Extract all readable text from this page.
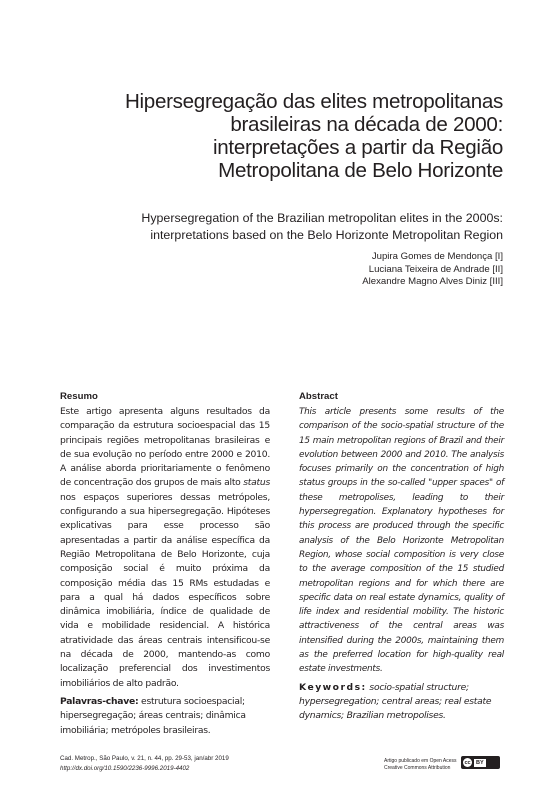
Hipersegregação das elites metropolitanas
brasileiras na década de 2000:
interpretações a partir da Região
Metropolitana de Belo Horizonte
Hypersegregation of the Brazilian metropolitan elites in the 2000s:
interpretations based on the Belo Horizonte Metropolitan Region
Jupira Gomes de Mendonça [I]
Luciana Teixeira de Andrade [II]
Alexandre Magno Alves Diniz [III]
Resumo

Este artigo apresenta alguns resultados da comparação da estrutura socioespacial das 15 principais regiões metropolitanas brasileiras e de sua evolução no período entre 2000 e 2010. A análise aborda prioritariamente o fenômeno de concentração dos grupos de mais alto status nos espaços superiores dessas metrópoles, configurando a sua hipersegregação. Hipóteses explicativas para esse processo são apresentadas a partir da análise específica da Região Metropolitana de Belo Horizonte, cuja composição social é muito próxima da composição média das 15 RMs estudadas e para a qual há dados específicos sobre dinâmica imobiliária, índice de qualidade de vida e mobilidade residencial. A histórica atratividade das áreas centrais intensificou-se na década de 2000, mantendo-as como localização preferencial dos investimentos imobiliários de alto padrão.

Palavras-chave: estrutura socioespacial; hipersegregação; áreas centrais; dinâmica imobiliária; metrópoles brasileiras.
Abstract

This article presents some results of the comparison of the socio-spatial structure of the 15 main metropolitan regions of Brazil and their evolution between 2000 and 2010. The analysis focuses primarily on the concentration of high status groups in the so-called "upper spaces" of these metropolises, leading to their hypersegregation. Explanatory hypotheses for this process are produced through the specific analysis of the Belo Horizonte Metropolitan Region, whose social composition is very close to the average composition of the 15 studied metropolitan regions and for which there are specific data on real estate dynamics, quality of life index and residential mobility. The historic attractiveness of the central areas was intensified during the 2000s, maintaining them as the preferred location for high-quality real estate investments.

Keywords: socio-spatial structure; hypersegregation; central areas; real estate dynamics; Brazilian metropolises.
Cad. Metrop., São Paulo, v. 21, n. 44, pp. 29-53, jan/abr 2019
http://dx.doi.org/10.1590/2236-9996.2019-4402
Artigo publicado em Open Acess
Creative Commons Attribution
cc BY
